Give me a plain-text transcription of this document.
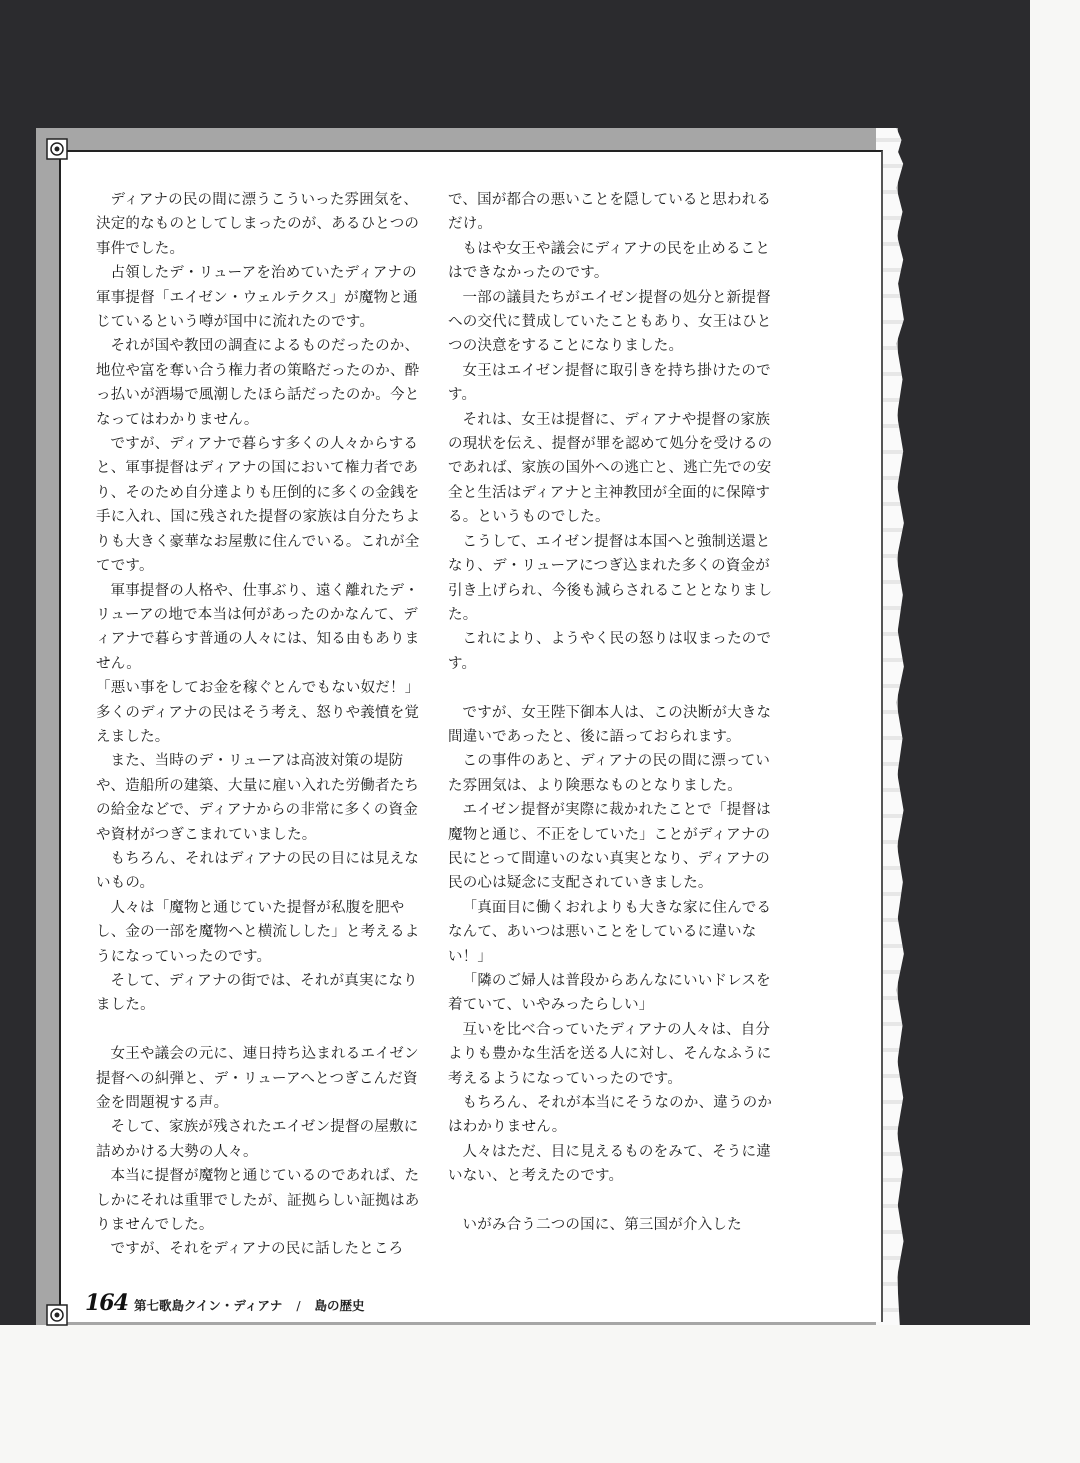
ディアナの民の間に漂うこういった雰囲気を、決定的なものとしてしまったのが、あるひとつの事件でした。

占領したデ・リューアを治めていたディアナの軍事提督「エイゼン・ウェルテクス」が魔物と通じているという噂が国中に流れたのです。

それが国や教団の調査によるものだったのか、地位や富を奪い合う権力者の策略だったのか、酔っ払いが酒場で風潮したほら話だったのか。今となってはわかりません。

ですが、ディアナで暮らす多くの人々からすると、軍事提督はディアナの国において権力者であり、そのため自分達よりも圧倒的に多くの金銭を手に入れ、国に残された提督の家族は自分たちよりも大きく豪華なお屋敷に住んでいる。これが全てです。

軍事提督の人格や、仕事ぶり、遠く離れたデ・リューアの地で本当は何があったのかなんて、ディアナで暮らす普通の人々には、知る由もありません。

「悪い事をしてお金を稼ぐとんでもない奴だ！」多くのディアナの民はそう考え、怒りや義憤を覚えました。

また、当時のデ・リューアは高波対策の堤防や、造船所の建築、大量に雇い入れた労働者たちの給金などで、ディアナからの非常に多くの資金や資材がつぎこまれていました。

もちろん、それはディアナの民の目には見えないもの。

人々は「魔物と通じていた提督が私腹を肥やし、金の一部を魔物へと横流しした」と考えるようになっていったのです。

そして、ディアナの街では、それが真実になりました。

女王や議会の元に、連日持ち込まれるエイゼン提督への糾弾と、デ・リューアへとつぎこんだ資金を問題視する声。

そして、家族が残されたエイゼン提督の屋敷に詰めかける大勢の人々。

本当に提督が魔物と通じているのであれば、たしかにそれは重罪でしたが、証拠らしい証拠はありませんでした。

ですが、それをディアナの民に話したところ

で、国が都合の悪いことを隠していると思われるだけ。

もはや女王や議会にディアナの民を止めることはできなかったのです。

一部の議員たちがエイゼン提督の処分と新提督への交代に賛成していたこともあり、女王はひとつの決意をすることになりました。

女王はエイゼン提督に取引きを持ち掛けたのです。

それは、女王は提督に、ディアナや提督の家族の現状を伝え、提督が罪を認めて処分を受けるのであれば、家族の国外への逃亡と、逃亡先での安全と生活はディアナと主神教団が全面的に保障する。というものでした。

こうして、エイゼン提督は本国へと強制送還となり、デ・リューアにつぎ込まれた多くの資金が引き上げられ、今後も減らされることとなりました。

これにより、ようやく民の怒りは収まったのです。

ですが、女王陛下御本人は、この決断が大きな間違いであったと、後に語っておられます。

この事件のあと、ディアナの民の間に漂っていた雰囲気は、より険悪なものとなりました。

エイゼン提督が実際に裁かれたことで「提督は魔物と通じ、不正をしていた」ことがディアナの民にとって間違いのない真実となり、ディアナの民の心は疑念に支配されていきました。

「真面目に働くおれよりも大きな家に住んでるなんて、あいつは悪いことをしているに違いない！」

「隣のご婦人は普段からあんなにいいドレスを着ていて、いやみったらしい」

互いを比べ合っていたディアナの人々は、自分よりも豊かな生活を送る人に対し、そんなふうに考えるようになっていったのです。

もちろん、それが本当にそうなのか、違うのかはわかりません。

人々はただ、目に見えるものをみて、そうに違いない、と考えたのです。

いがみ合う二つの国に、第三国が介入した

164 第七歌島クイン・ディアナ / 島の歴史
